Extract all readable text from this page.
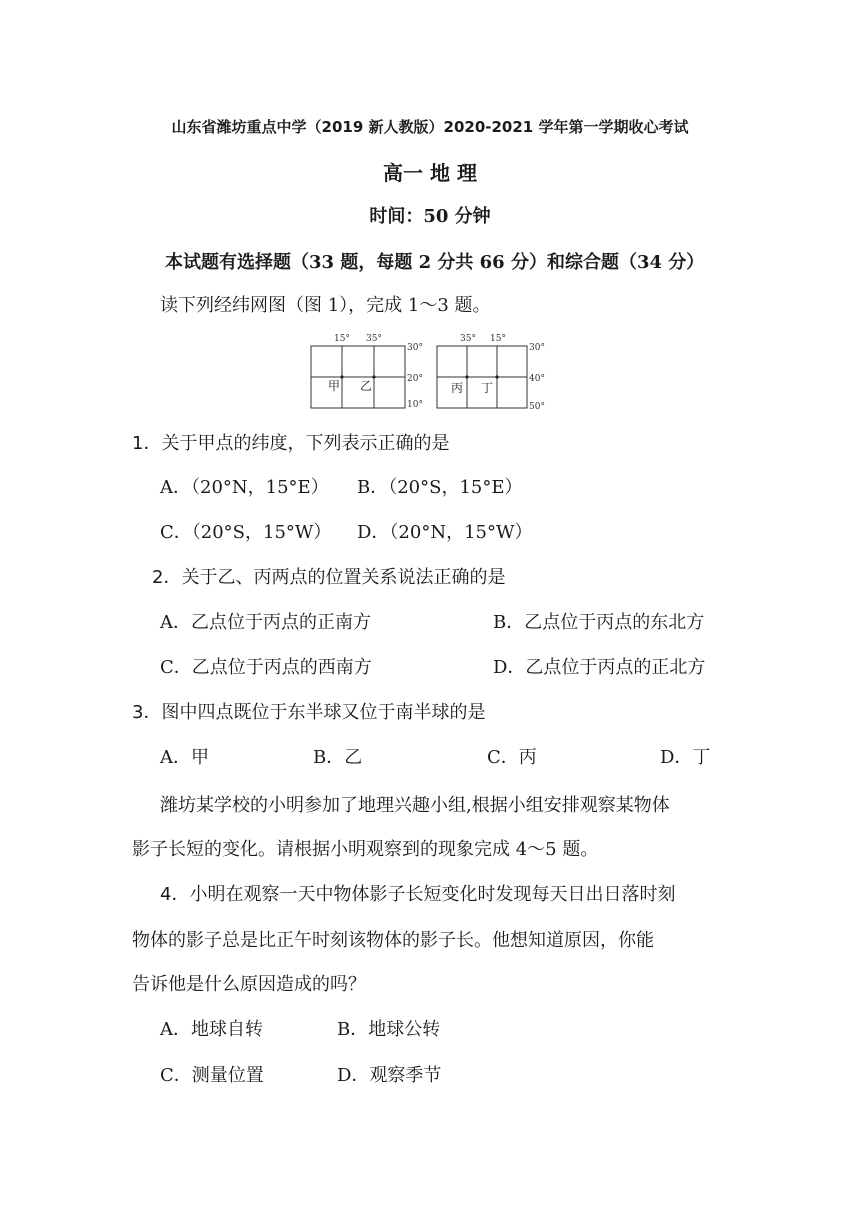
山东省潍坊重点中学（2019 新人教版）2020-2021 学年第一学期收心考试
高一 地 理
时间：50 分钟
本试题有选择题（33 题，每题 2 分共 66 分）和综合题（34 分）
读下列经纬网图（图 1），完成 1～3 题。
15° 35°
30°
20°
10°
35° 15°
30°
40°
50°
甲 乙	丙 丁
1．关于甲点的纬度，下列表示正确的是
A．（20°N，15°E） B．（20°S，15°E）
C．（20°S，15°W） D．（20°N，15°W）
2．关于乙、丙两点的位置关系说法正确的是
A．乙点位于丙点的正南方	B．乙点位于丙点的东北方
C．乙点位于丙点的西南方	D．乙点位于丙点的正北方
3．图中四点既位于东半球又位于南半球的是
A．甲	B．乙	C．丙	D．丁
潍坊某学校的小明参加了地理兴趣小组,根据小组安排观察某物体
影子长短的变化。请根据小明观察到的现象完成 4～5 题。
4．小明在观察一天中物体影子长短变化时发现每天日出日落时刻
物体的影子总是比正午时刻该物体的影子长。他想知道原因，你能
告诉他是什么原因造成的吗？
A．地球自转	B．地球公转
C．测量位置	D．观察季节
